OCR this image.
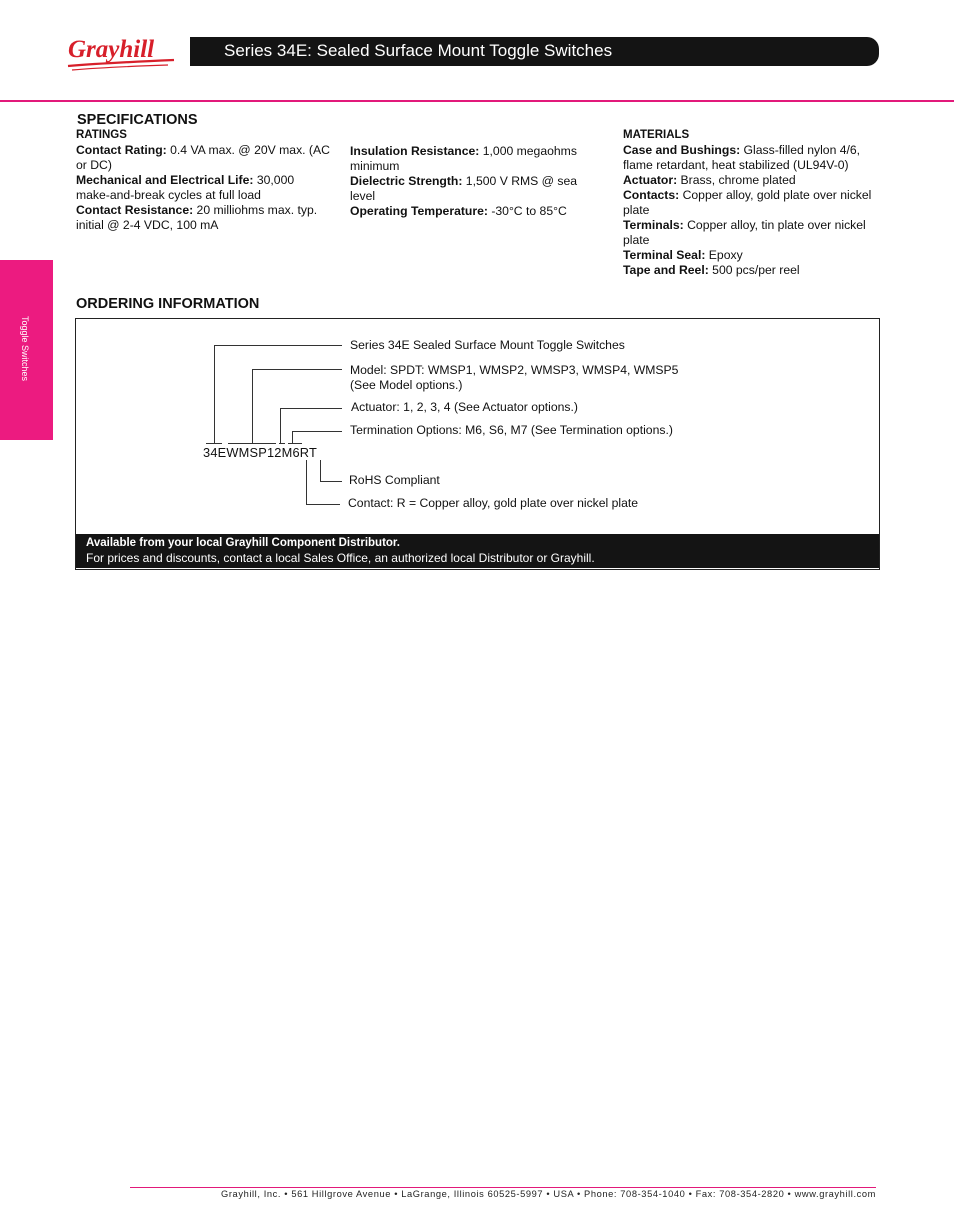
Grayhill	Series 34E: Sealed Surface Mount Toggle Switches
Toggle Switches
SPECIFICATIONS
RATINGS
Contact Rating: 0.4 VA max. @ 20V max. (AC or DC)
Mechanical and Electrical Life: 30,000 make-and-break cycles at full load
Contact Resistance: 20 milliohms max. typ. initial @ 2-4 VDC, 100 mA
Insulation Resistance: 1,000 megaohms minimum
Dielectric Strength: 1,500 V RMS @ sea level
Operating Temperature: -30°C to 85°C
MATERIALS
Case and Bushings: Glass-filled nylon 4/6, flame retardant, heat stabilized (UL94V-0)
Actuator: Brass, chrome plated
Contacts: Copper alloy, gold plate over nickel plate
Terminals: Copper alloy, tin plate over nickel plate
Terminal Seal: Epoxy
Tape and Reel: 500 pcs/per reel
ORDERING INFORMATION
34EWMSP12M6RT
Series 34E Sealed Surface Mount Toggle Switches
Model: SPDT: WMSP1, WMSP2, WMSP3, WMSP4, WMSP5
(See Model options.)
Actuator: 1, 2, 3, 4 (See Actuator options.)
Termination Options: M6, S6, M7 (See Termination options.)
RoHS Compliant
Contact: R = Copper alloy, gold plate over nickel plate
Available from your local Grayhill Component Distributor.
For prices and discounts, contact a local Sales Office, an authorized local Distributor or Grayhill.
Grayhill, Inc. • 561 Hillgrove Avenue • LaGrange, Illinois 60525-5997 • USA • Phone: 708-354-1040 • Fax: 708-354-2820 • www.grayhill.com
